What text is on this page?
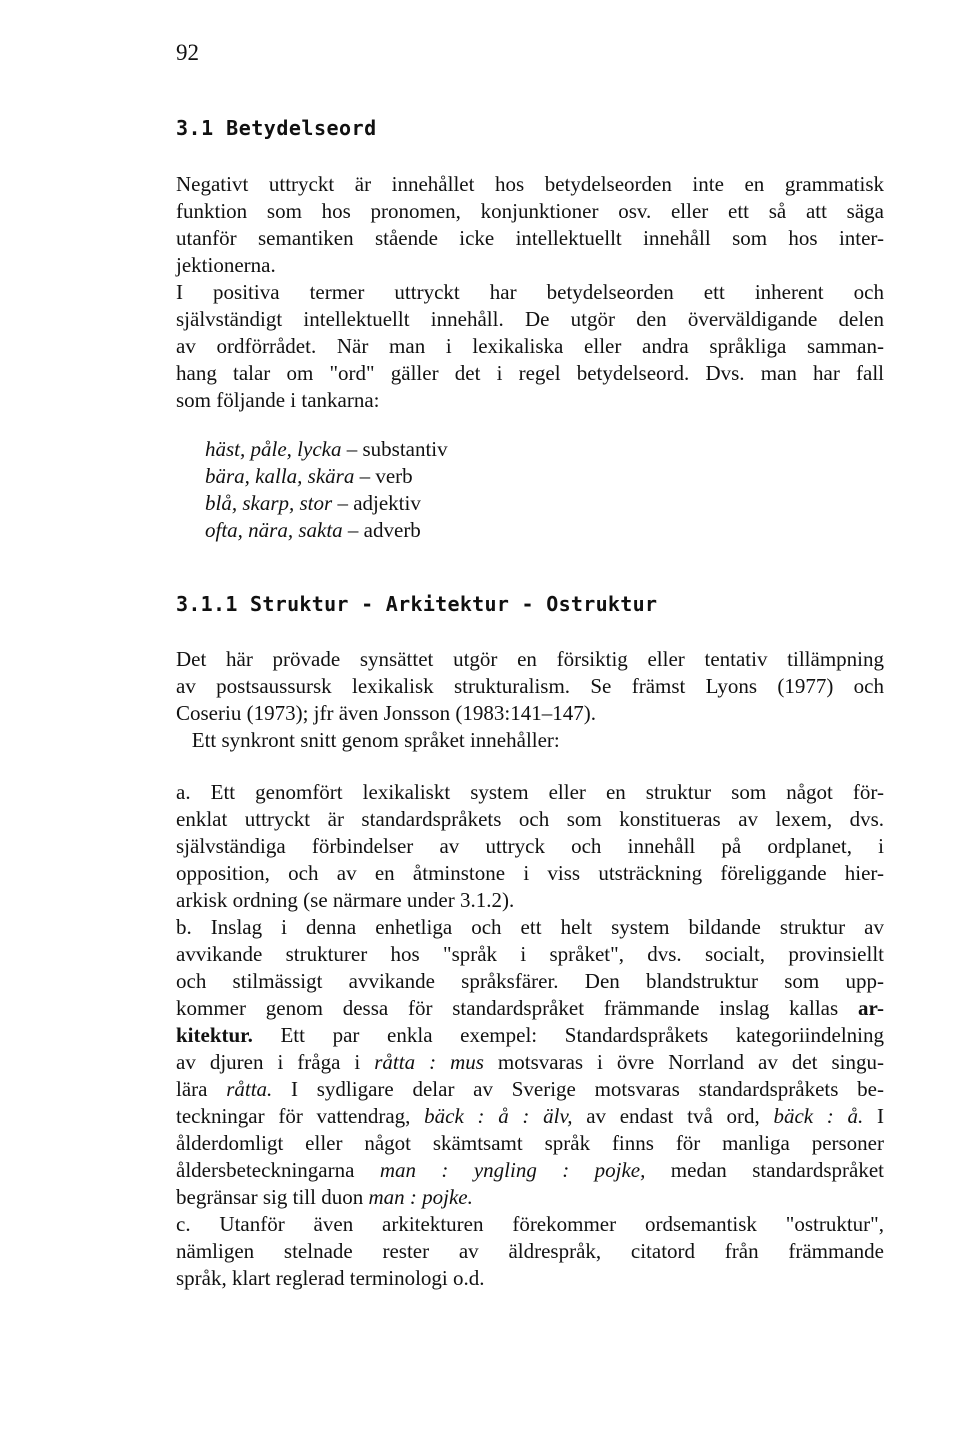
92
3.1 Betydelseord
Negativt uttryckt är innehållet hos betydelseorden inte en grammatisk
funktion som hos pronomen, konjunktioner osv. eller ett så att säga
utanför semantiken stående icke intellektuellt innehåll som hos inter-
jektionerna.
I positiva termer uttryckt har betydelseorden ett inherent och
självständigt intellektuellt innehåll. De utgör den överväldigande delen
av ordförrådet. När man i lexikaliska eller andra språkliga samman-
hang talar om "ord" gäller det i regel betydelseord. Dvs. man har fall
som följande i tankarna:
häst, påle, lycka – substantiv
bära, kalla, skära – verb
blå, skarp, stor – adjektiv
ofta, nära, sakta – adverb
3.1.1 Struktur - Arkitektur - Ostruktur
Det här prövade synsättet utgör en försiktig eller tentativ tillämpning
av postsaussursk lexikalisk strukturalism. Se främst Lyons (1977) och
Coseriu (1973); jfr även Jonsson (1983:141–147).
Ett synkront snitt genom språket innehåller:
a. Ett genomfört lexikaliskt system eller en struktur som något för-
enklat uttryckt är standardspråkets och som konstitueras av lexem, dvs.
självständiga förbindelser av uttryck och innehåll på ordplanet, i
opposition, och av en åtminstone i viss utsträckning föreliggande hier-
arkisk ordning (se närmare under 3.1.2).
b. Inslag i denna enhetliga och ett helt system bildande struktur av
avvikande strukturer hos "språk i språket", dvs. socialt, provinsiellt
och stilmässigt avvikande språksfärer. Den blandstruktur som upp-
kommer genom dessa för standardspråket främmande inslag kallas ar-
kitektur. Ett par enkla exempel: Standardspråkets kategoriindelning
av djuren i fråga i råtta : mus motsvaras i övre Norrland av det singu-
lära råtta. I sydligare delar av Sverige motsvaras standardspråkets be-
teckningar för vattendrag, bäck : å : älv, av endast två ord, bäck : å. I
ålderdomligt eller något skämtsamt språk finns för manliga personer
åldersbeteckningarna man : yngling : pojke, medan standardspråket
begränsar sig till duon man : pojke.
c. Utanför även arkitekturen förekommer ordsemantisk "ostruktur",
nämligen stelnade rester av äldrespråk, citatord från främmande
språk, klart reglerad terminologi o.d.
